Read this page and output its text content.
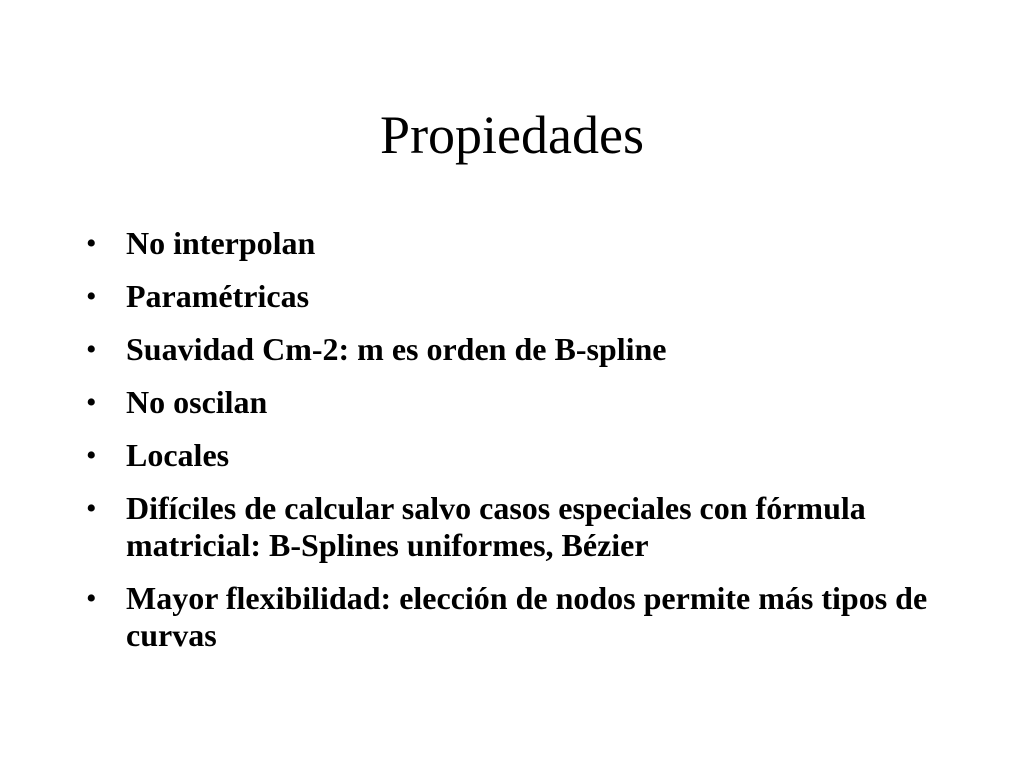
Propiedades
• No interpolan
• Paramétricas
• Suavidad Cm-2: m es orden de B-spline
• No oscilan
• Locales
• Difíciles de calcular salvo casos especiales con fórmula matricial: B-Splines uniformes, Bézier
• Mayor flexibilidad: elección de nodos permite más tipos de curvas
